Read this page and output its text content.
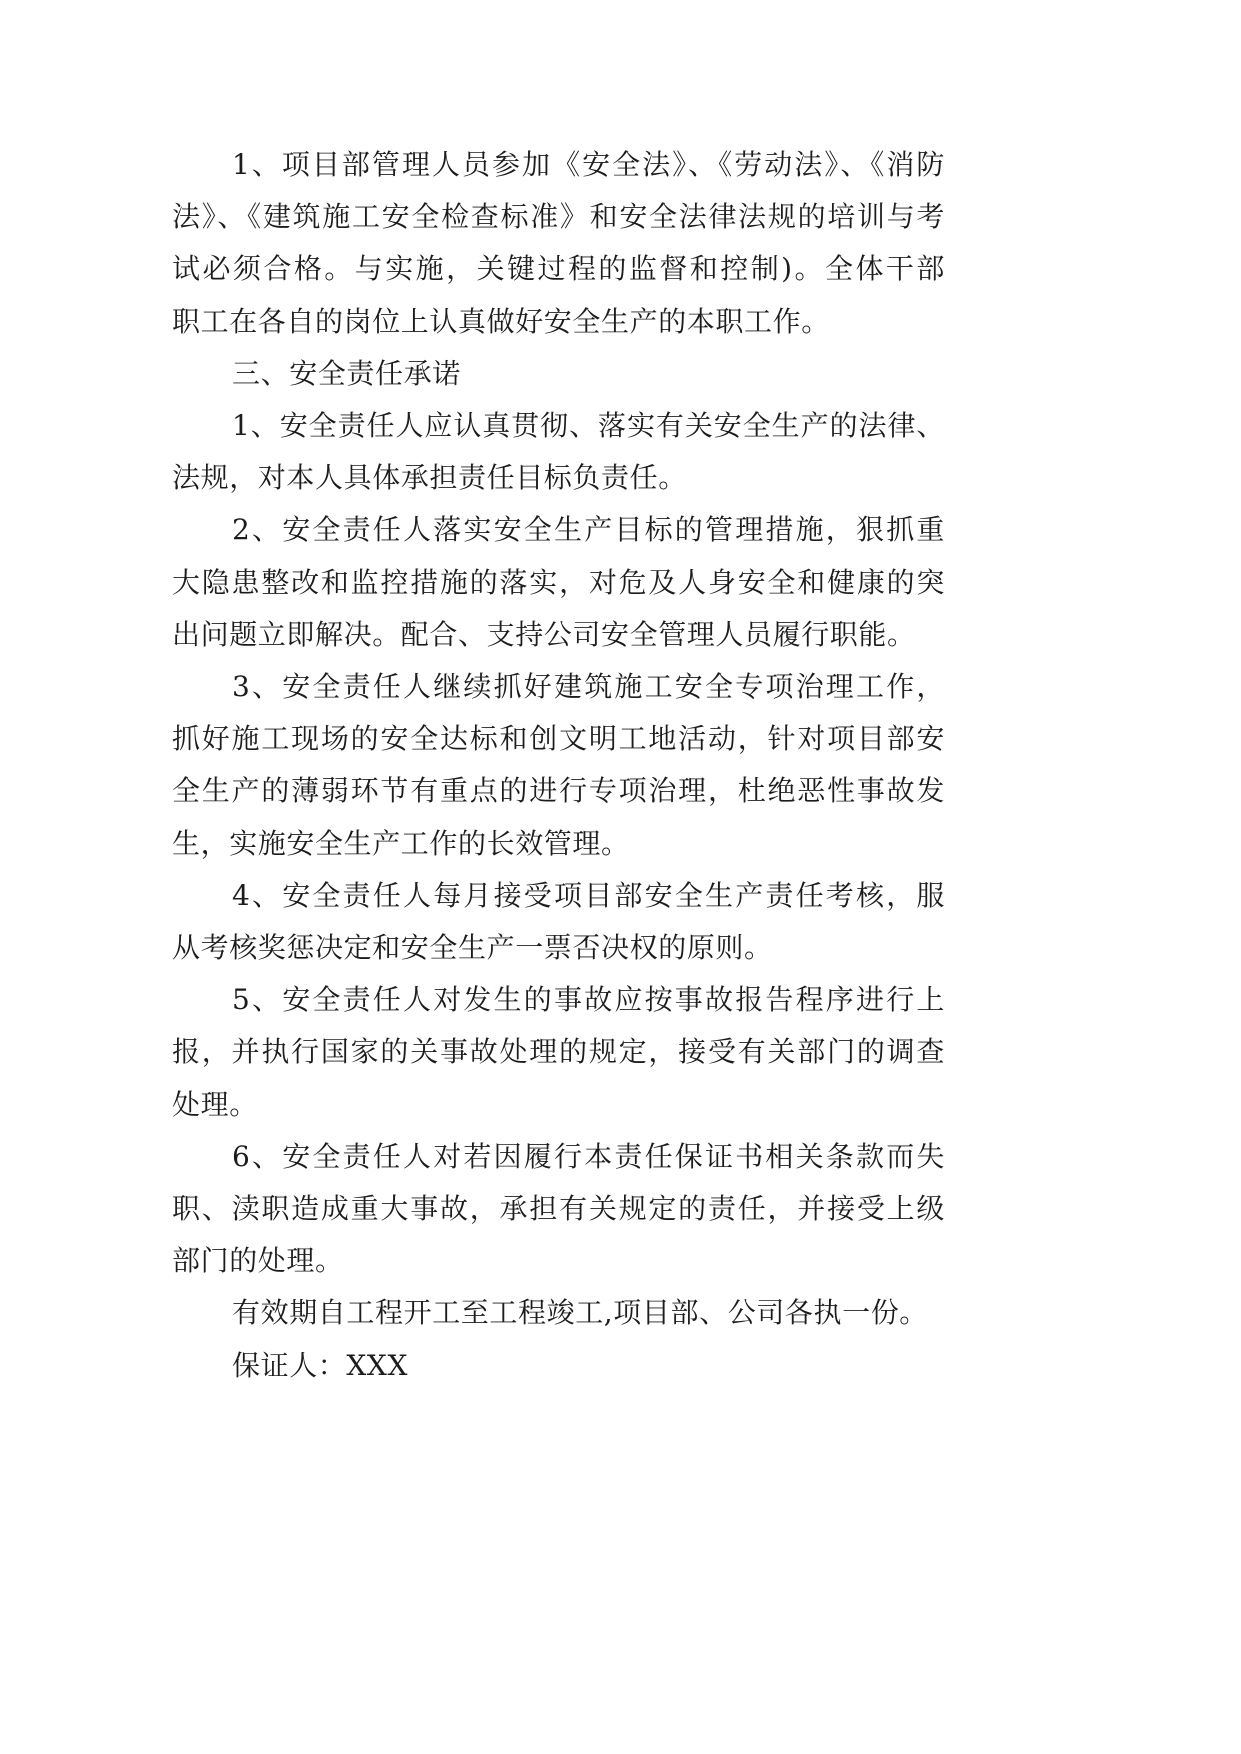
1、项目部管理人员参加《安全法》、《劳动法》、《消防
法》、《建筑施工安全检查标准》和安全法律法规的培训与考
试必须合格。与实施，关键过程的监督和控制)。全体干部
职工在各自的岗位上认真做好安全生产的本职工作。
三、安全责任承诺
1、安全责任人应认真贯彻、落实有关安全生产的法律、
法规，对本人具体承担责任目标负责任。
2、安全责任人落实安全生产目标的管理措施，狠抓重
大隐患整改和监控措施的落实，对危及人身安全和健康的突
出问题立即解决。配合、支持公司安全管理人员履行职能。
3、安全责任人继续抓好建筑施工安全专项治理工作，
抓好施工现场的安全达标和创文明工地活动，针对项目部安
全生产的薄弱环节有重点的进行专项治理，杜绝恶性事故发
生，实施安全生产工作的长效管理。
4、安全责任人每月接受项目部安全生产责任考核，服
从考核奖惩决定和安全生产一票否决权的原则。
5、安全责任人对发生的事故应按事故报告程序进行上
报，并执行国家的关事故处理的规定，接受有关部门的调查
处理。
6、安全责任人对若因履行本责任保证书相关条款而失
职、渎职造成重大事故，承担有关规定的责任，并接受上级
部门的处理。
有效期自工程开工至工程竣工,项目部、公司各执一份。
保证人：XXX
